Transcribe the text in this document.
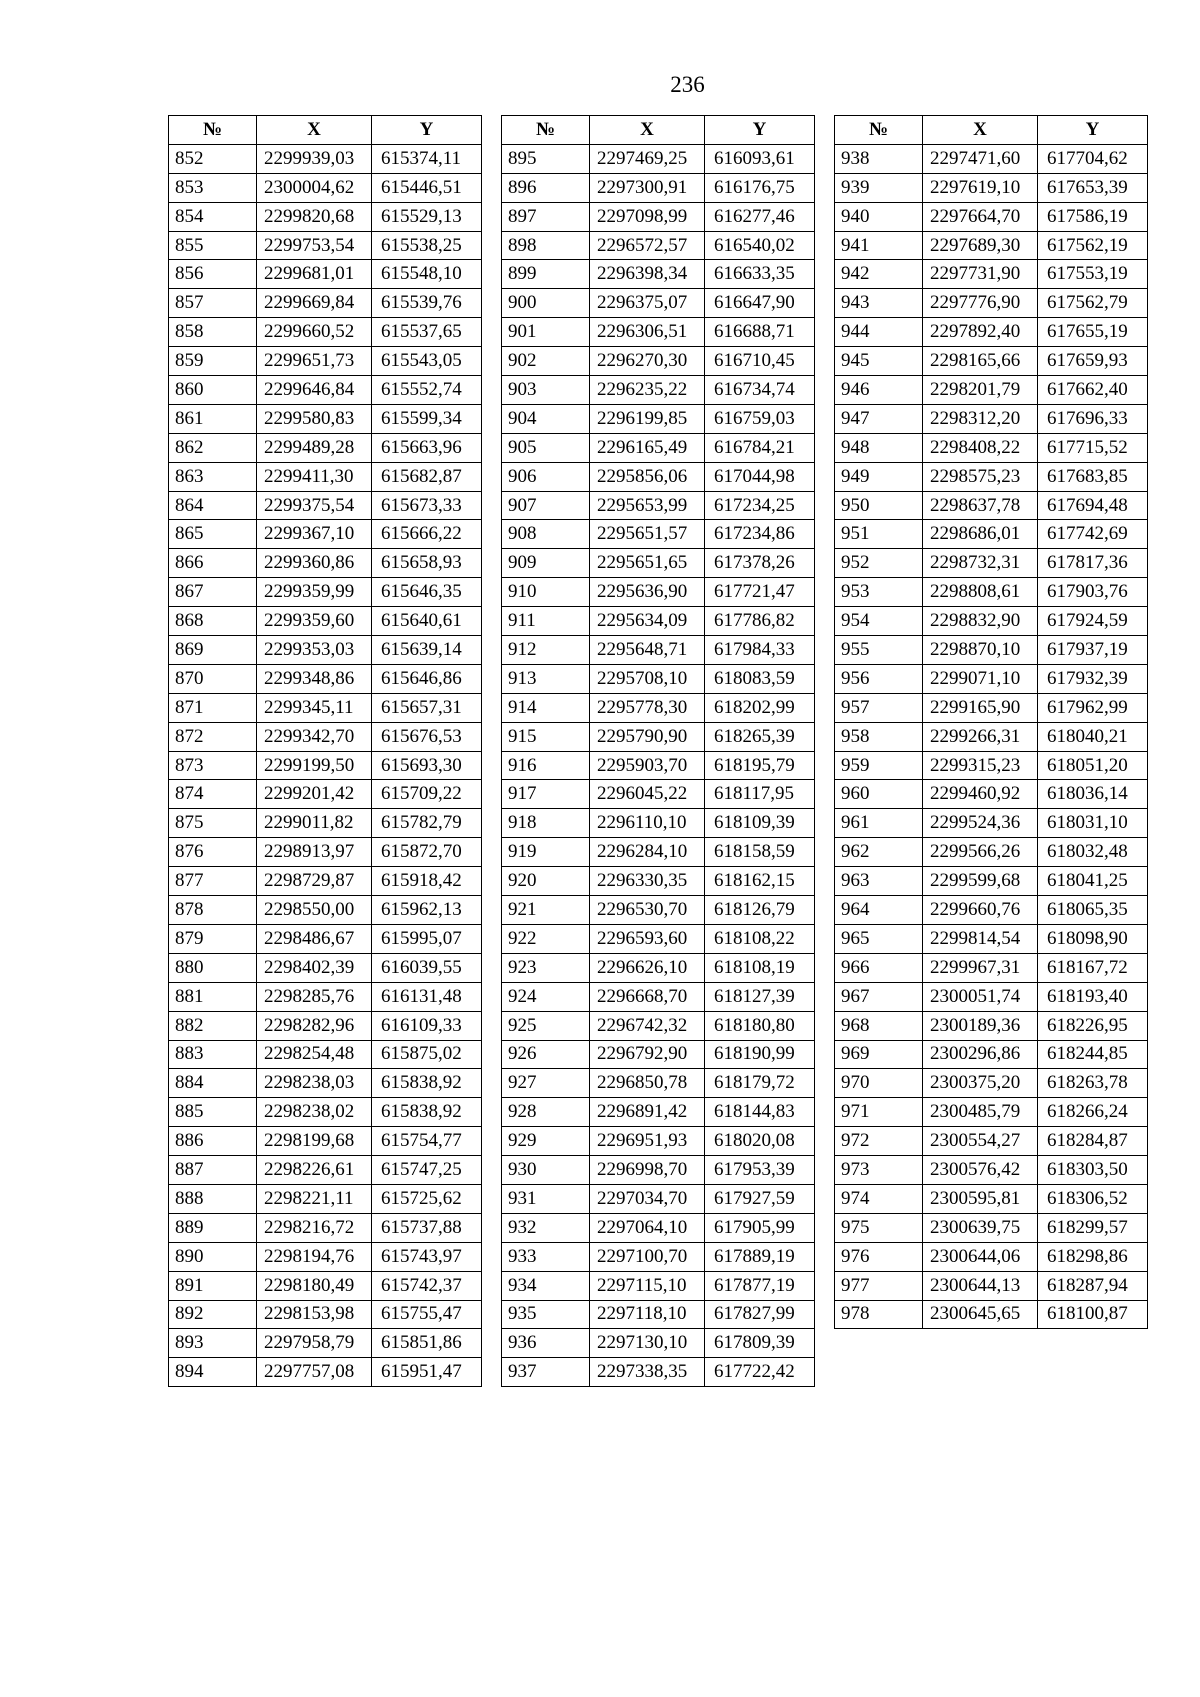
236
№	X	Y
852	2299939,03	615374,11
853	2300004,62	615446,51
854	2299820,68	615529,13
855	2299753,54	615538,25
856	2299681,01	615548,10
857	2299669,84	615539,76
858	2299660,52	615537,65
859	2299651,73	615543,05
860	2299646,84	615552,74
861	2299580,83	615599,34
862	2299489,28	615663,96
863	2299411,30	615682,87
864	2299375,54	615673,33
865	2299367,10	615666,22
866	2299360,86	615658,93
867	2299359,99	615646,35
868	2299359,60	615640,61
869	2299353,03	615639,14
870	2299348,86	615646,86
871	2299345,11	615657,31
872	2299342,70	615676,53
873	2299199,50	615693,30
874	2299201,42	615709,22
875	2299011,82	615782,79
876	2298913,97	615872,70
877	2298729,87	615918,42
878	2298550,00	615962,13
879	2298486,67	615995,07
880	2298402,39	616039,55
881	2298285,76	616131,48
882	2298282,96	616109,33
883	2298254,48	615875,02
884	2298238,03	615838,92
885	2298238,02	615838,92
886	2298199,68	615754,77
887	2298226,61	615747,25
888	2298221,11	615725,62
889	2298216,72	615737,88
890	2298194,76	615743,97
891	2298180,49	615742,37
892	2298153,98	615755,47
893	2297958,79	615851,86
894	2297757,08	615951,47
№	X	Y
895	2297469,25	616093,61
896	2297300,91	616176,75
897	2297098,99	616277,46
898	2296572,57	616540,02
899	2296398,34	616633,35
900	2296375,07	616647,90
901	2296306,51	616688,71
902	2296270,30	616710,45
903	2296235,22	616734,74
904	2296199,85	616759,03
905	2296165,49	616784,21
906	2295856,06	617044,98
907	2295653,99	617234,25
908	2295651,57	617234,86
909	2295651,65	617378,26
910	2295636,90	617721,47
911	2295634,09	617786,82
912	2295648,71	617984,33
913	2295708,10	618083,59
914	2295778,30	618202,99
915	2295790,90	618265,39
916	2295903,70	618195,79
917	2296045,22	618117,95
918	2296110,10	618109,39
919	2296284,10	618158,59
920	2296330,35	618162,15
921	2296530,70	618126,79
922	2296593,60	618108,22
923	2296626,10	618108,19
924	2296668,70	618127,39
925	2296742,32	618180,80
926	2296792,90	618190,99
927	2296850,78	618179,72
928	2296891,42	618144,83
929	2296951,93	618020,08
930	2296998,70	617953,39
931	2297034,70	617927,59
932	2297064,10	617905,99
933	2297100,70	617889,19
934	2297115,10	617877,19
935	2297118,10	617827,99
936	2297130,10	617809,39
937	2297338,35	617722,42
№	X	Y
938	2297471,60	617704,62
939	2297619,10	617653,39
940	2297664,70	617586,19
941	2297689,30	617562,19
942	2297731,90	617553,19
943	2297776,90	617562,79
944	2297892,40	617655,19
945	2298165,66	617659,93
946	2298201,79	617662,40
947	2298312,20	617696,33
948	2298408,22	617715,52
949	2298575,23	617683,85
950	2298637,78	617694,48
951	2298686,01	617742,69
952	2298732,31	617817,36
953	2298808,61	617903,76
954	2298832,90	617924,59
955	2298870,10	617937,19
956	2299071,10	617932,39
957	2299165,90	617962,99
958	2299266,31	618040,21
959	2299315,23	618051,20
960	2299460,92	618036,14
961	2299524,36	618031,10
962	2299566,26	618032,48
963	2299599,68	618041,25
964	2299660,76	618065,35
965	2299814,54	618098,90
966	2299967,31	618167,72
967	2300051,74	618193,40
968	2300189,36	618226,95
969	2300296,86	618244,85
970	2300375,20	618263,78
971	2300485,79	618266,24
972	2300554,27	618284,87
973	2300576,42	618303,50
974	2300595,81	618306,52
975	2300639,75	618299,57
976	2300644,06	618298,86
977	2300644,13	618287,94
978	2300645,65	618100,87
